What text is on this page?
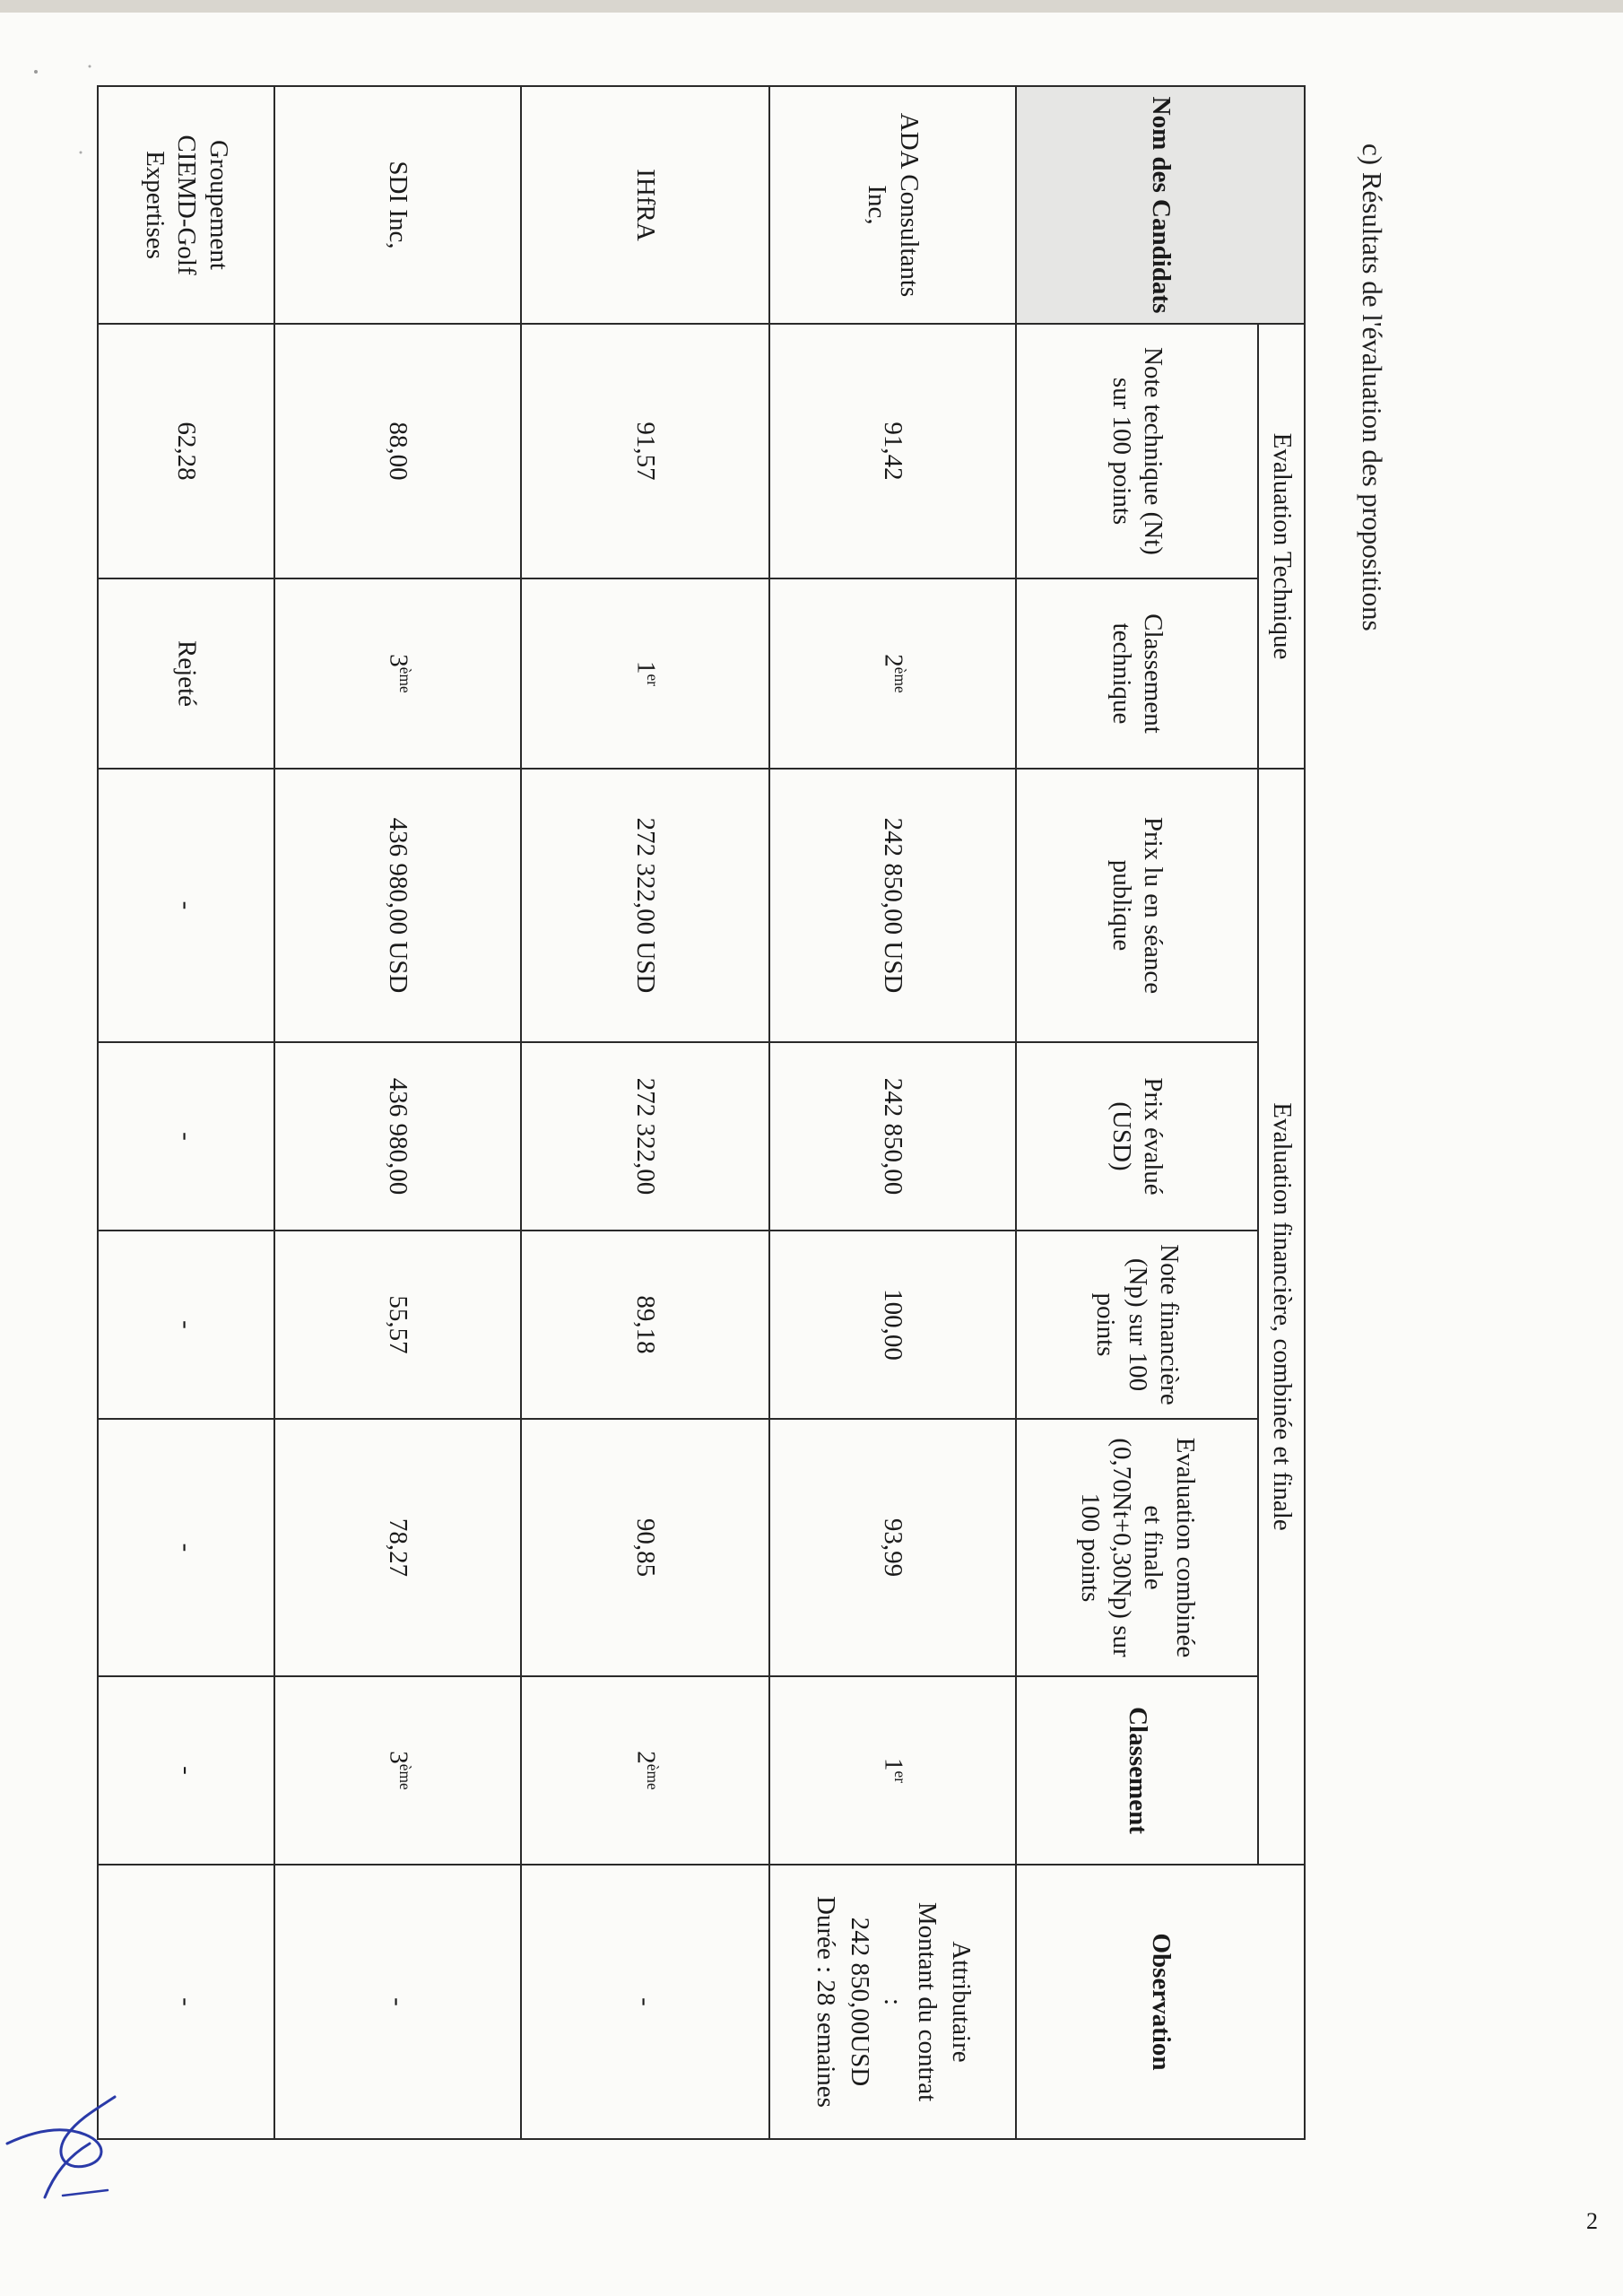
2
c) Résultats de l'évaluation des propositions
Nom des Candidats	Evaluation Technique		Evaluation financière, combinée et finale					Observation
	Note technique (Nt) sur 100 points	Classement technique	Prix lu en séance publique	Prix évalué (USD)	Note financière (Np) sur 100 points	Evaluation combinée et finale (0,70Nt+0,30Np) sur 100 points	Classement	
ADA Consultants Inc,	91,42	2ème	242 850,00 USD	242 850,00	100,00	93,99	1er	Attributaire
Montant du contrat
:
242 850,00USD
Durée : 28 semaines

IHfRA	91,57	1er	272 322,00 USD	272 322,00	89,18	90,85	2ème	-
SDI Inc,	88,00	3ème	436 980,00 USD	436 980,00	55,57	78,27	3ème	-
Groupement CIEMD-Golf Expertises	62,28	Rejeté	-	-	-	-	-	-
